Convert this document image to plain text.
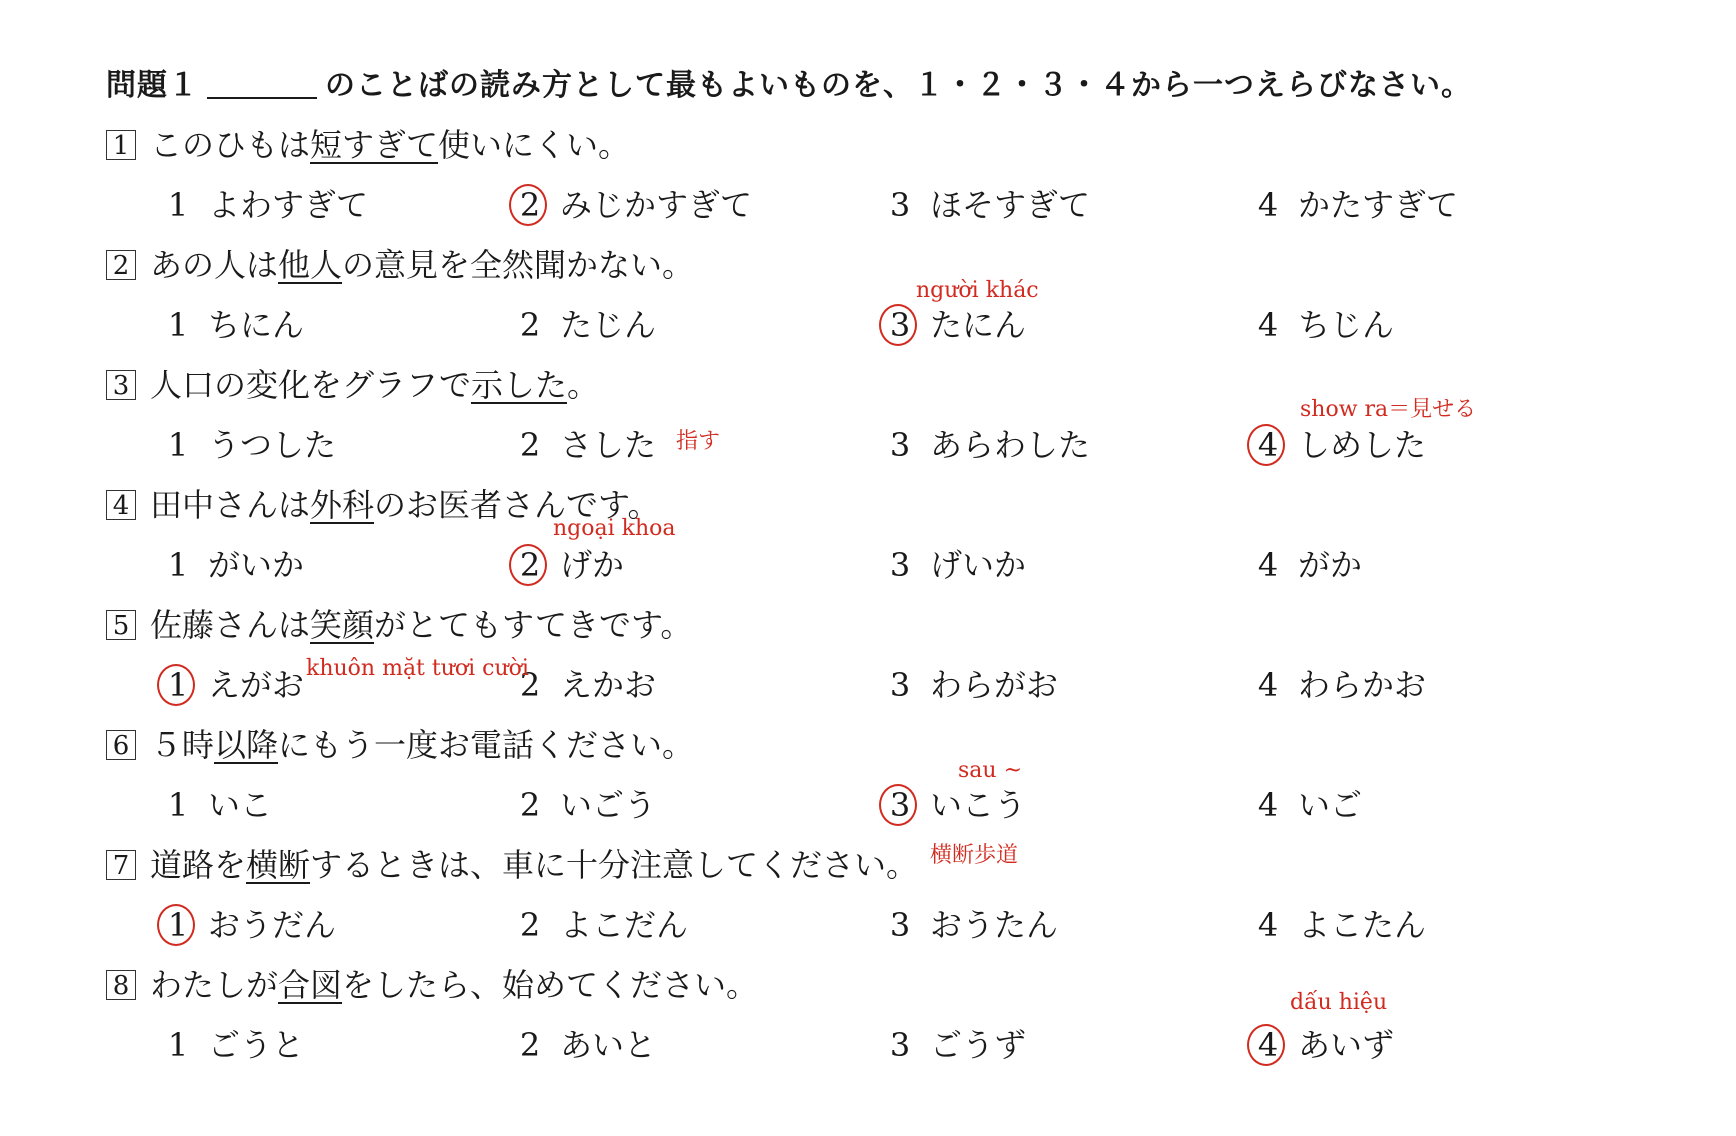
問題１	のことばの読み方として最もよいものを、１・２・３・４から一つえらびなさい。
1 このひもは短すぎて使いにくい。
1 よわすぎて	2 みじかすぎて	3 ほそすぎて	4 かたすぎて
2 あの人は他人の意見を全然聞かない。
1 ちにん	2 たじん	3 たにん	4 ちじん
3 人口の変化をグラフで示した。
1 うつした	2 さした	3 あらわした	4 しめした
4 田中さんは外科のお医者さんです。
1 がいか	2 げか	3 げいか	4 がか
5 佐藤さんは笑顔がとてもすてきです。
1 えがお	2 えかお	3 わらがお	4 わらかお
6 ５時以降にもう一度お電話ください。
1 いこ	2 いごう	3 いこう	4 いご
7 道路を横断するときは、車に十分注意してください。
1 おうだん	2 よこだん	3 おうたん	4 よこたん
8 わたしが合図をしたら、始めてください。
1 ごうと	2 あいと	3 ごうず	4 あいず
người khác
指す
show ra＝見せる
ngoại khoa
khuôn mặt tươi cười
sau ~
横断歩道
dấu hiệu
